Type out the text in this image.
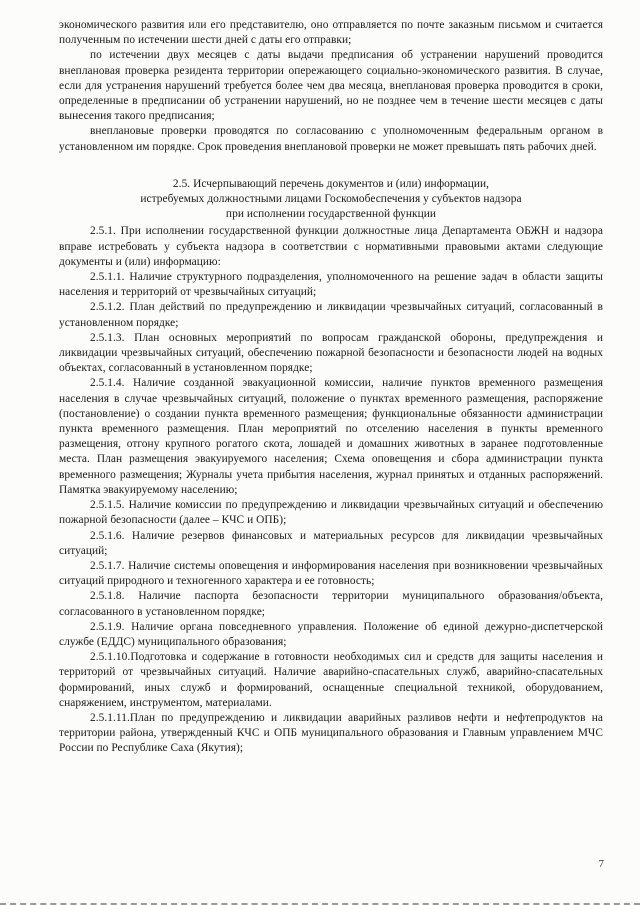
экономического развития или его представителю, оно отправляется по почте заказным письмом и считается полученным по истечении шести дней с даты его отправки;

по истечении двух месяцев с даты выдачи предписания об устранении нарушений проводится внеплановая проверка резидента территории опережающего социально-экономического развития. В случае, если для устранения нарушений требуется более чем два месяца, внеплановая проверка проводится в сроки, определенные в предписании об устранении нарушений, но не позднее чем в течение шести месяцев с даты вынесения такого предписания;

внеплановые проверки проводятся по согласованию с уполномоченным федеральным органом в установленном им порядке. Срок проведения внеплановой проверки не может превышать пять рабочих дней.

2.5. Исчерпывающий перечень документов и (или) информации,
истребуемых должностными лицами Госкомобеспечения у субъектов надзора
при исполнении государственной функции

2.5.1. При исполнении государственной функции должностные лица Департамента ОБЖН и надзора вправе истребовать у субъекта надзора в соответствии с нормативными правовыми актами следующие документы и (или) информацию:

2.5.1.1. Наличие структурного подразделения, уполномоченного на решение задач в области защиты населения и территорий от чрезвычайных ситуаций;

2.5.1.2. План действий по предупреждению и ликвидации чрезвычайных ситуаций, согласованный в установленном порядке;

2.5.1.3. План основных мероприятий по вопросам гражданской обороны, предупреждения и ликвидации чрезвычайных ситуаций, обеспечению пожарной безопасности и безопасности людей на водных объектах, согласованный в установленном порядке;

2.5.1.4. Наличие созданной эвакуационной комиссии, наличие пунктов временного размещения населения в случае чрезвычайных ситуаций, положение о пунктах временного размещения, распоряжение (постановление) о создании пункта временного размещения; функциональные обязанности администрации пункта временного размещения. План мероприятий по отселению населения в пункты временного размещения, отгону крупного рогатого скота, лошадей и домашних животных в заранее подготовленные места. План размещения эвакуируемого населения; Схема оповещения и сбора администрации пункта временного размещения; Журналы учета прибытия населения, журнал принятых и отданных распоряжений. Памятка эвакуируемому населению;

2.5.1.5. Наличие комиссии по предупреждению и ликвидации чрезвычайных ситуаций и обеспечению пожарной безопасности (далее – КЧС и ОПБ);

2.5.1.6. Наличие резервов финансовых и материальных ресурсов для ликвидации чрезвычайных ситуаций;

2.5.1.7. Наличие системы оповещения и информирования населения при возникновении чрезвычайных ситуаций природного и техногенного характера и ее готовность;

2.5.1.8. Наличие паспорта безопасности территории муниципального образования/объекта, согласованного в установленном порядке;

2.5.1.9. Наличие органа повседневного управления. Положение об единой дежурно-диспетчерской службе (ЕДДС) муниципального образования;

2.5.1.10.Подготовка и содержание в готовности необходимых сил и средств для защиты населения и территорий от чрезвычайных ситуаций. Наличие аварийно-спасательных служб, аварийно-спасательных формирований, иных служб и формирований, оснащенные специальной техникой, оборудованием, снаряжением, инструментом, материалами.

2.5.1.11.План по предупреждению и ликвидации аварийных разливов нефти и нефтепродуктов на территории района, утвержденный КЧС и ОПБ муниципального образования и Главным управлением МЧС России по Республике Саха (Якутия);

7
